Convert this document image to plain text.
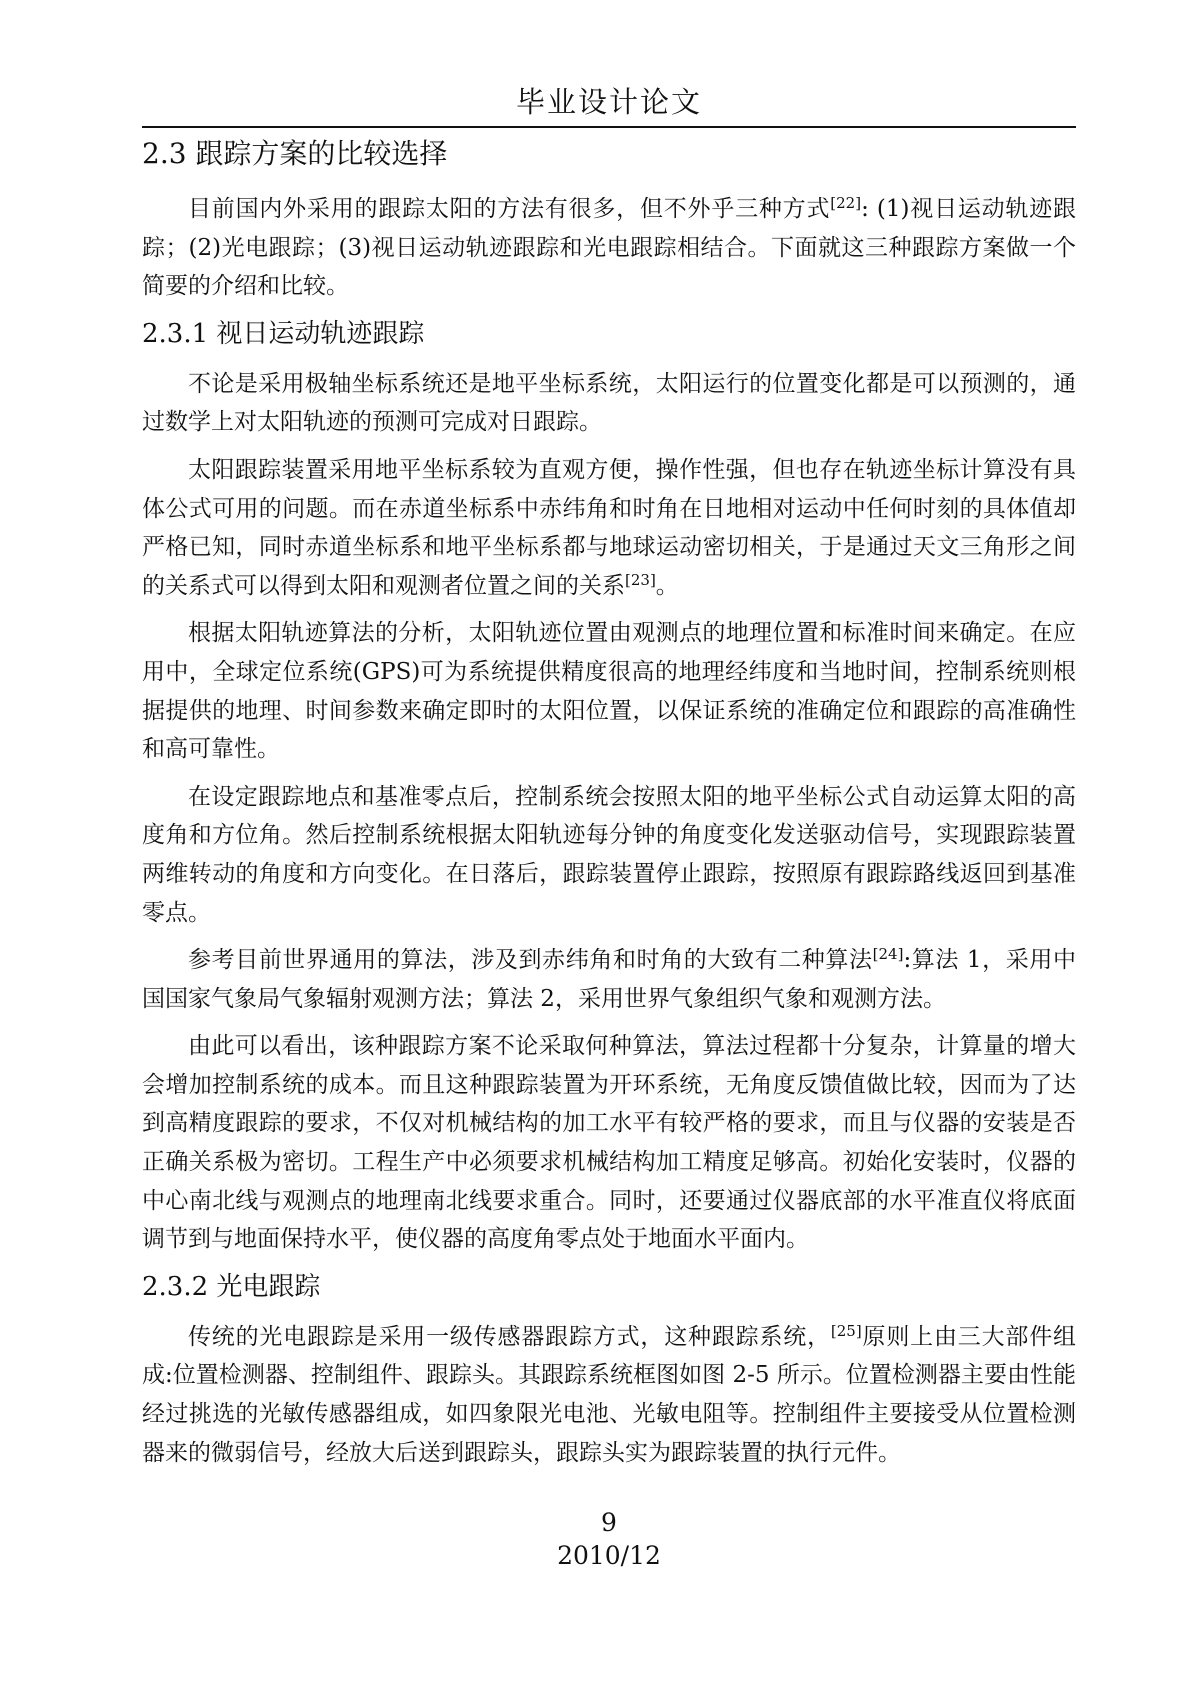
毕业设计论文
2.3 跟踪方案的比较选择

目前国内外采用的跟踪太阳的方法有很多，但不外乎三种方式[22]: (1)视日运动轨迹跟踪；(2)光电跟踪；(3)视日运动轨迹跟踪和光电跟踪相结合。下面就这三种跟踪方案做一个简要的介绍和比较。

2.3.1 视日运动轨迹跟踪

不论是采用极轴坐标系统还是地平坐标系统，太阳运行的位置变化都是可以预测的，通过数学上对太阳轨迹的预测可完成对日跟踪。

太阳跟踪装置采用地平坐标系较为直观方便，操作性强，但也存在轨迹坐标计算没有具体公式可用的问题。而在赤道坐标系中赤纬角和时角在日地相对运动中任何时刻的具体值却严格已知，同时赤道坐标系和地平坐标系都与地球运动密切相关，于是通过天文三角形之间的关系式可以得到太阳和观测者位置之间的关系[23]。

根据太阳轨迹算法的分析，太阳轨迹位置由观测点的地理位置和标准时间来确定。在应用中，全球定位系统(GPS)可为系统提供精度很高的地理经纬度和当地时间，控制系统则根据提供的地理、时间参数来确定即时的太阳位置，以保证系统的准确定位和跟踪的高准确性和高可靠性。

在设定跟踪地点和基准零点后，控制系统会按照太阳的地平坐标公式自动运算太阳的高度角和方位角。然后控制系统根据太阳轨迹每分钟的角度变化发送驱动信号，实现跟踪装置两维转动的角度和方向变化。在日落后，跟踪装置停止跟踪，按照原有跟踪路线返回到基准零点。

参考目前世界通用的算法，涉及到赤纬角和时角的大致有二种算法[24]:算法 1，采用中国国家气象局气象辐射观测方法；算法 2，采用世界气象组织气象和观测方法。

由此可以看出，该种跟踪方案不论采取何种算法，算法过程都十分复杂，计算量的增大会增加控制系统的成本。而且这种跟踪装置为开环系统，无角度反馈值做比较，因而为了达到高精度跟踪的要求，不仅对机械结构的加工水平有较严格的要求，而且与仪器的安装是否正确关系极为密切。工程生产中必须要求机械结构加工精度足够高。初始化安装时，仪器的中心南北线与观测点的地理南北线要求重合。同时，还要通过仪器底部的水平准直仪将底面调节到与地面保持水平，使仪器的高度角零点处于地面水平面内。

2.3.2 光电跟踪

传统的光电跟踪是采用一级传感器跟踪方式，这种跟踪系统，[25]原则上由三大部件组成:位置检测器、控制组件、跟踪头。其跟踪系统框图如图 2-5 所示。位置检测器主要由性能经过挑选的光敏传感器组成，如四象限光电池、光敏电阻等。控制组件主要接受从位置检测器来的微弱信号，经放大后送到跟踪头，跟踪头实为跟踪装置的执行元件。

9
2010/12
